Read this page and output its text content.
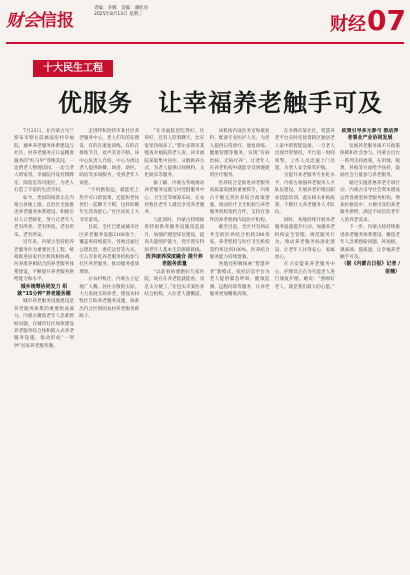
财会信报
责编：李娜　美编：潘旺羽
2025年8月13日 星期三	财经 07
十大民生工程
优服务　让幸福养老触手可及

7月23日，在内蒙古乌兰察布市察右前旗南房村幸福院，城乡养老服务体系建设与社区、村养老服务正日益精准服务的“红马甲”穿梭其间，一边帮老人整理房间，一边与老人唠家常。幸福院内设有棋牌室、阅览室等功能区，为老人打造了丰富的生活空间。

如今，类似的场景正在内蒙古各地上演。自治区全面推进养老服务体系建设，积极应对人口老龄化，努力让老年人老有所养、老有所依、老有所乐、老有所安。

近年来，内蒙古坚持把养老服务作为重要民生工程，统筹推进居家社区机构相协调、医养康养相结合的养老服务体系建设，不断提升养老服务供给能力和水平。

城乡统筹协同发力 织就“15分钟”养老服务圈

城市养老服务设施建设是养老服务体系的重要组成部分。内蒙古聚焦老年人急难愁盼问题，在城市社区加快建设养老服务综合体和嵌入式养老服务设施，推动形成“一刻钟”居家养老服务圈。

走进呼和浩特市某社区养老服务中心，老人们有的在理发，有的在康复训练，有的在排练节目，欢声笑语不断。该中心负责人介绍，中心为周边老人提供助餐、助浴、助医、助洁等多项服务，受到老年人欢迎。

“不用跑很远，就能吃上热乎可口的饭菜，还能和老伙伴们一起聊天下棋，这样的晚年生活真舒心。”社区居民王大爷笑着说。

目前，全区已建成城市社区养老服务设施2100余个，覆盖率持续提升。各地还通过公建民营、委托运营等方式，引入专业化养老服务机构参与社区养老服务，推动服务提质增效。

在农村牧区，内蒙古立足地广人稀、居住分散的实际，大力发展互助养老，建设农村牧区互助养老服务设施，探索出符合区情的农村养老服务新路子。

“在幸福院里吃得好、住得好，还有人陪着聊天，比在家里热闹多了。”鄂尔多斯市某嘎查幸福院的老人说。该幸福院采取集中居住、分散供养方式，为老人提供日间照料、文化娱乐等服务。

据了解，内蒙古各地推动养老服务设施与村党群服务中心、卫生室等统筹布局，让农村牧区老年人就近享受养老服务。

与此同时，内蒙古持续推进特困供养服务设施改造提升，加强护理型床位建设，提高失能照护能力，兜牢兜实特困老年人基本生活保障底线。

医养康养深度融合 提升养老服务质量

“以前看病要跑好几家医院，现在在养老院就能看，真是太方便了。”在包头市某医养结合机构，入住老人感慨道。

该机构内设医务室和康复科，配备专业医护人员，为老人提供日常诊疗、康复训练、健康管理等服务，实现“有病治病、无病疗养”，让老年人在养老机构中就能享受到便捷的医疗服务。

医养结合是推进养老服务高质量发展的重要抓手。内蒙古不断完善医养结合政策措施，推动医疗卫生机构与养老服务机构签约合作，支持有条件的养老机构内设医疗机构。

截至目前，全区共有两证齐全的医养结合机构300余家，养老机构与医疗卫生机构签约率达到100%，医养结合服务能力持续增强。

各地还积极探索“智慧养老”新模式，依托信息平台为老人提供紧急呼叫、健康监测、远程问诊等服务，让养老服务更加精准高效。

在赤峰市某社区，智慧养老平台实时连接着辖区独居老人家中的智能设备，一旦老人出现异常情况，平台第一时间预警，工作人员迅速上门处置，为老人安全保驾护航。

为提升养老服务专业化水平，内蒙古加强养老服务人才队伍建设，开展养老护理员职业技能培训，落实相关补贴政策，不断壮大养老服务人才队伍。

同时，各地持续开展养老服务质量提升行动，加强养老机构安全管理，规范服务行为，推动养老服务标准化建设，让老年人住得安心、家属放心。

在兴安盟某养老服务中心，护理员正在为失能老人进行康复护理。她说：“照顾好老人，就是我们最大的心愿。”

政策引导多元参与 推动养老事业产业协同发展

发展养老服务离不开政策保障和社会参与。内蒙古出台一系列支持政策，在用地、税费、补贴等方面给予扶持，鼓励社会力量参与养老服务。

通过实施普惠养老专项行动，内蒙古引导社会资本建设运营普惠型养老服务机构，增加价格适中、方便可及的养老服务供给，满足不同层次老年人的养老需求。

下一步，内蒙古将持续推进养老服务体系建设，聚焦老年人急难愁盼问题，补短板、强弱项、提质量，让幸福养老触手可及。

（据《内蒙古日报》记者 / 苗楠）
